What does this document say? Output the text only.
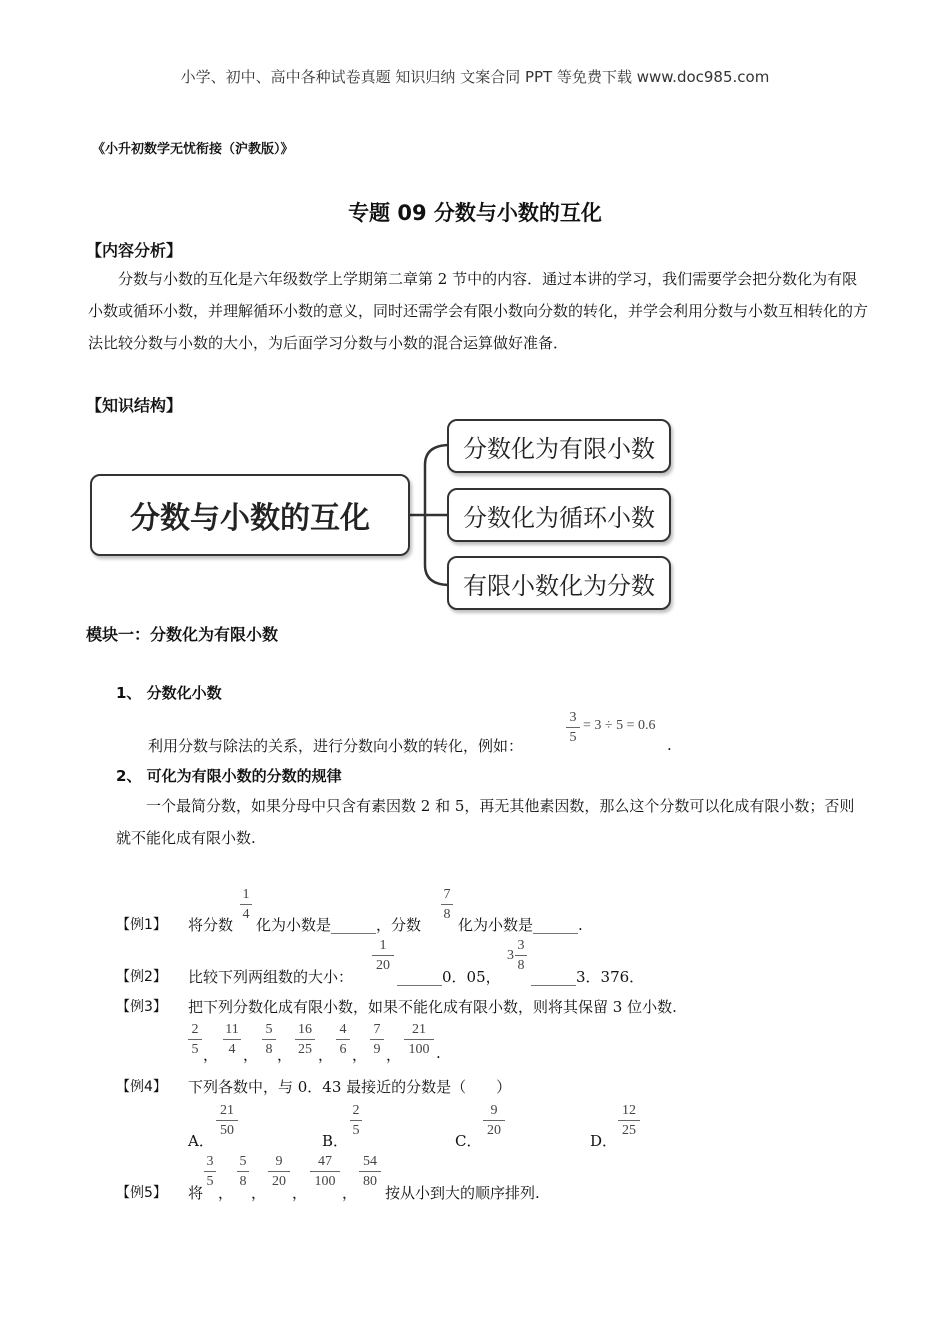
小学、初中、高中各种试卷真题 知识归纳 文案合同 PPT 等免费下载 www.doc985.com
《小升初数学无忧衔接（沪教版）》
专题 09 分数与小数的互化
【内容分析】
分数与小数的互化是六年级数学上学期第二章第 2 节中的内容．通过本讲的学习，我们需要学会把分数化为有限小数或循环小数，并理解循环小数的意义，同时还需学会有限小数向分数的转化，并学会利用分数与小数互相转化的方法比较分数与小数的大小，为后面学习分数与小数的混合运算做好准备．
【知识结构】
分数与小数的互化
分数化为有限小数
分数化为循环小数
有限小数化为分数
模块一：分数化为有限小数
1、 分数化小数
利用分数与除法的关系，进行分数向小数的转化，例如：
3
5
= 3 ÷ 5 = 0.6
.
2、 可化为有限小数的分数的规律
一个最简分数，如果分母中只含有素因数 2 和 5，再无其他素因数，那么这个分数可以化成有限小数；否则就不能化成有限小数.
【例1】 将分数
1
4
化为小数是______，分数
7
8
化为小数是______.
【例2】 比较下列两组数的大小：
1
20
______0．05，
3
3
8
______3．376．
【例3】 把下列分数化成有限小数，如果不能化成有限小数，则将其保留 3 位小数.
2
5 ，
11
4 ，
5
8 ，
16
25 ，
4
6 ，
7
9 ，
21
100 .
【例4】 下列各数中，与 0．43 最接近的分数是（　　）
A．
21
50
B．
2
5
C．
9
20
D．
12
25
【例5】 将
3
5
，
5
8
，
9
20
，
47
100
，
54
80
按从小到大的顺序排列.
